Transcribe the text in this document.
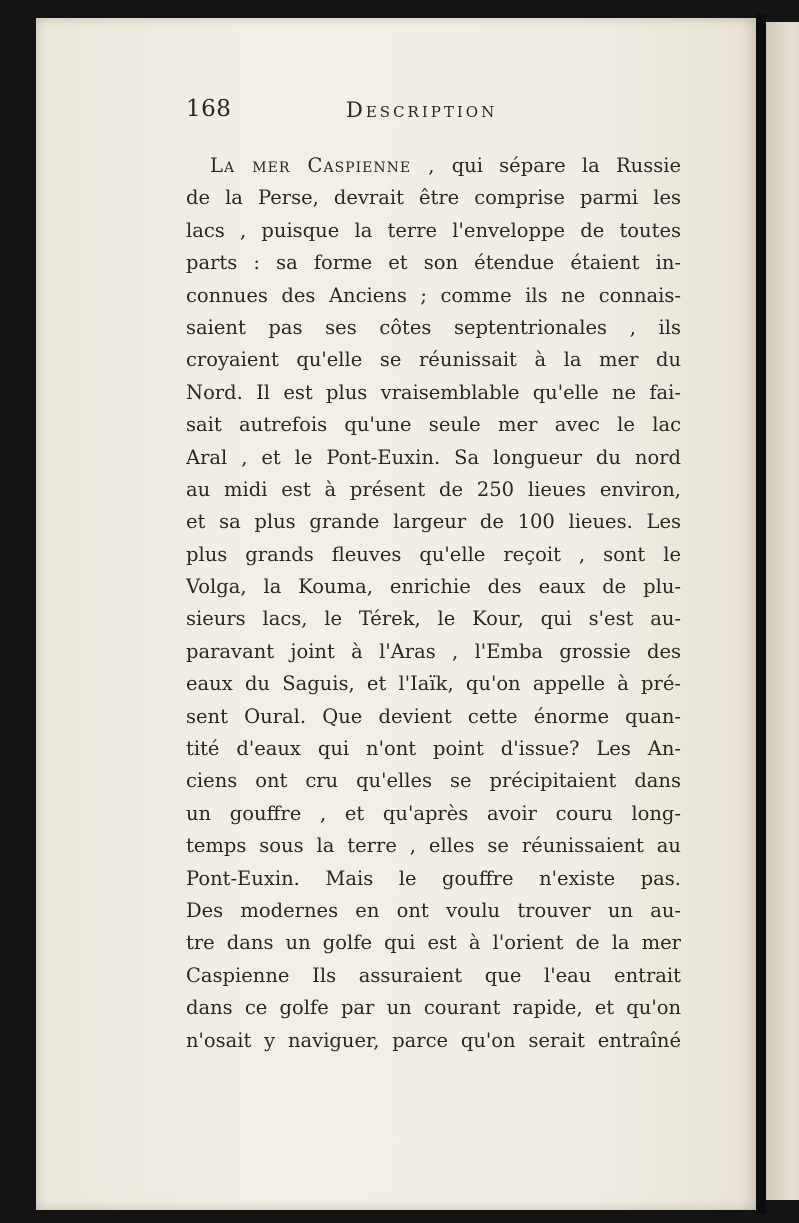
168	Description
La mer Caspienne , qui sépare la Russie
de la Perse, devrait être comprise parmi les
lacs , puisque la terre l'enveloppe de toutes
parts : sa forme et son étendue étaient in-
connues des Anciens ; comme ils ne connais-
saient pas ses côtes septentrionales , ils
croyaient qu'elle se réunissait à la mer du
Nord. Il est plus vraisemblable qu'elle ne fai-
sait autrefois qu'une seule mer avec le lac
Aral , et le Pont-Euxin. Sa longueur du nord
au midi est à présent de 250 lieues environ,
et sa plus grande largeur de 100 lieues. Les
plus grands fleuves qu'elle reçoit , sont le
Volga, la Kouma, enrichie des eaux de plu-
sieurs lacs, le Térek, le Kour, qui s'est au-
paravant joint à l'Aras , l'Emba grossie des
eaux du Saguis, et l'Iaïk, qu'on appelle à pré-
sent Oural. Que devient cette énorme quan-
tité d'eaux qui n'ont point d'issue? Les An-
ciens ont cru qu'elles se précipitaient dans
un gouffre , et qu'après avoir couru long-
temps sous la terre , elles se réunissaient au
Pont-Euxin. Mais le gouffre n'existe pas.
Des modernes en ont voulu trouver un au-
tre dans un golfe qui est à l'orient de la mer
Caspienne Ils assuraient que l'eau entrait
dans ce golfe par un courant rapide, et qu'on
n'osait y naviguer, parce qu'on serait entraîné
